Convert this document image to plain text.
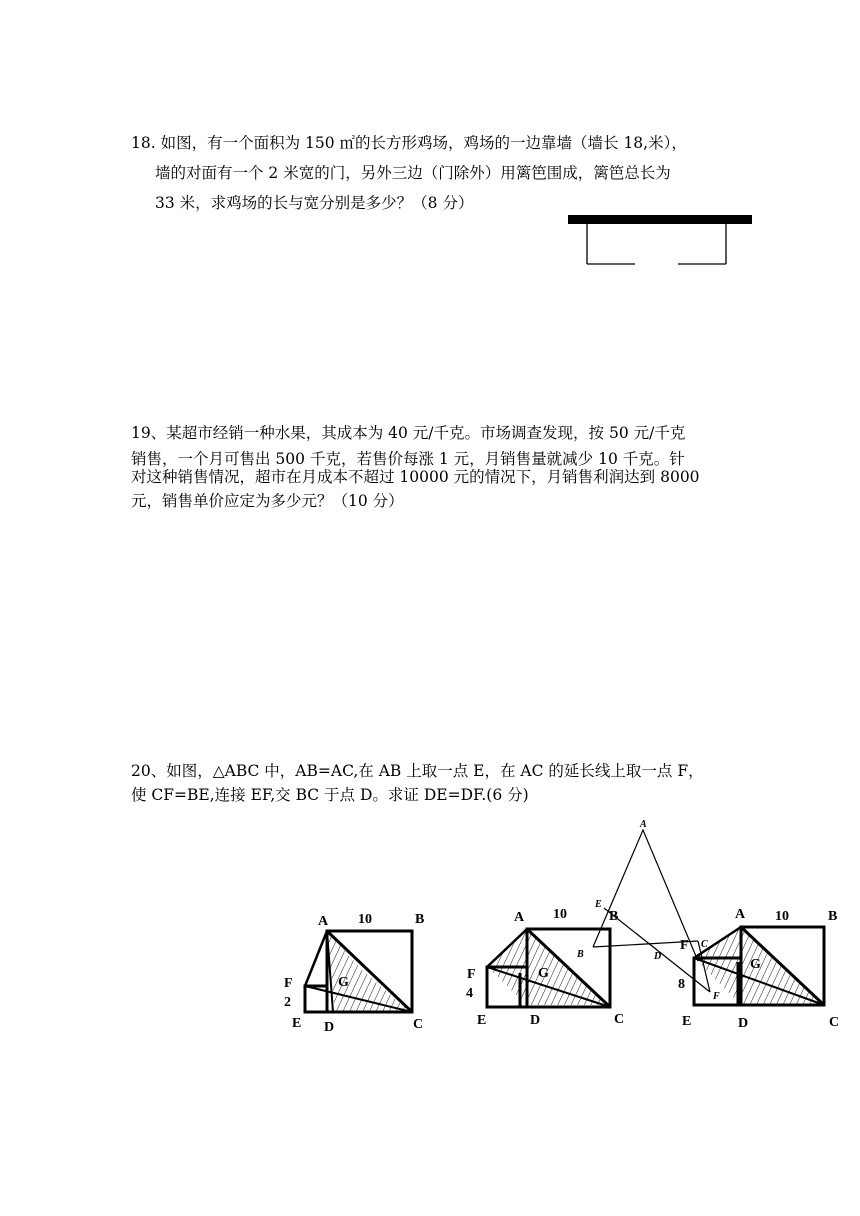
18. 如图，有一个面积为 150 ㎡的长方形鸡场，鸡场的一边靠墙（墙长 18,米），
墙的对面有一个 2 米宽的门，另外三边（门除外）用篱笆围成，篱笆总长为
33 米，求鸡场的长与宽分别是多少？（8 分）
19、某超市经销一种水果，其成本为 40 元/千克。市场调查发现，按 50 元/千克
销售，一个月可售出 500 千克，若售价每涨 1 元，月销售量就减少 10 千克。针
对这种销售情况，超市在月成本不超过 10000 元的情况下，月销售利润达到 8000
元，销售单价应定为多少元？（10 分）
20、如图，△ABC 中，AB=AC,在 AB 上取一点 E，在 AC 的延长线上取一点 F，
使 CF=BE,连接 EF,交 BC 于点 D。求证 DE=DF.(6 分)
A
B
C
D
E
F
A 10	B
F
2
G
E D	C
A 10	B
F
4
G
E	D	C
A 10	B
F
8
G
E	D	C
